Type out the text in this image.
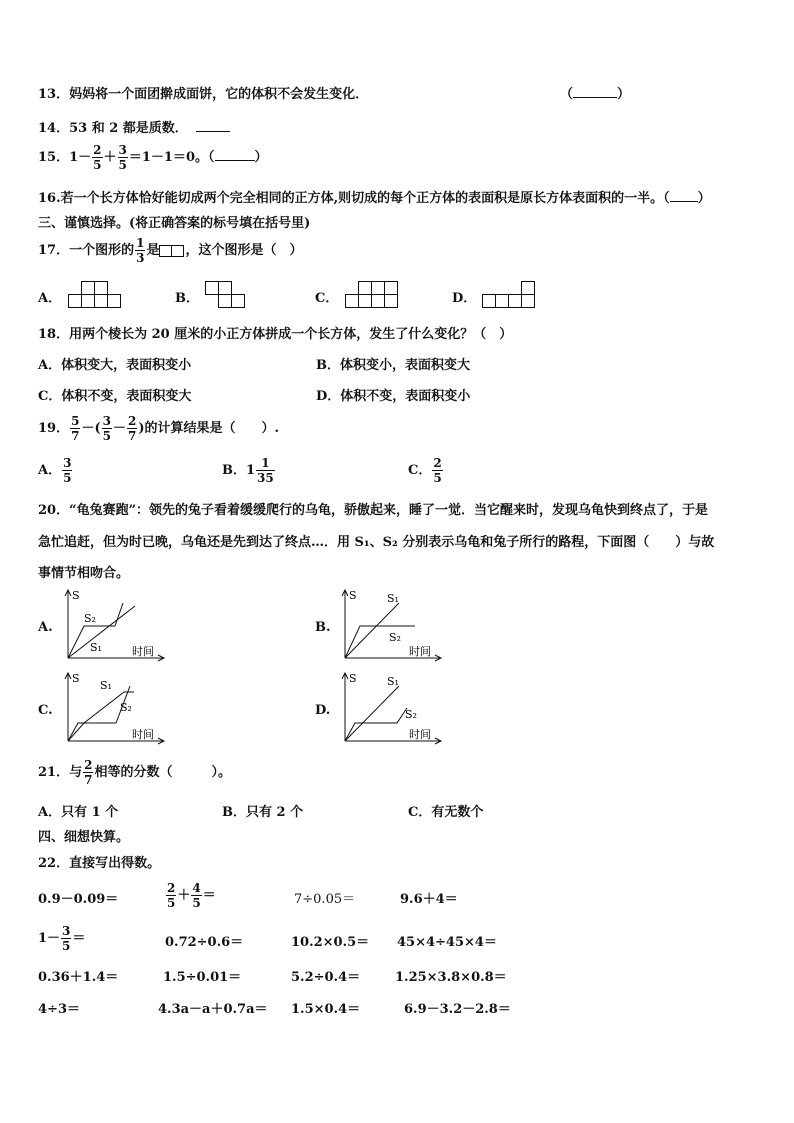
13．妈妈将一个面团擀成面饼，它的体积不会发生变化．	（	）
14．53 和 2 都是质数．
15．$1- \frac{2}{5} + \frac{3}{5} =1-1=0$。（	）
16.若一个长方体恰好能切成两个完全相同的正方体,则切成的每个正方体的表面积是原长方体表面积的一半。（ ）
三、谨慎选择。(将正确答案的标号填在括号里)
17．一个图形的 $\frac{1}{3}$ 是 ，这个图形是（　）
A．	B．	C．	D．
18．用两个棱长为 20 厘米的小正方体拼成一个长方体，发生了什么变化？（　）
A．体积变大，表面积变小	B．体积变小，表面积变大
C．体积不变，表面积变大	D．体积不变，表面积变小
19． $\frac{5}{7}$ －( $\frac{3}{5} - \frac{2}{7}$ )的计算结果是（　　）.
A． $\frac{3}{5}$	B．$1 \frac{1}{35}$	C． $\frac{2}{5}$
20．“龟兔赛跑”：领先的兔子看着缓缓爬行的乌龟，骄傲起来，睡了一觉．当它醒来时，发现乌龟快到终点了，于是
急忙追赶，但为时已晚，乌龟还是先到达了终点…．用 S₁、S₂ 分别表示乌龟和兔子所行的路程，下面图（　　）与故
事情节相吻合。
A.
S
S₂
S₁	时间
B.
S	S₁
S₂
时间
C.
S
S₁
S₂
时间
D.
S	S₁
S₂
时间
21．与 $\frac{2}{7}$ 相等的分数（　　　）。
A．只有 1 个	B．只有 2 个	C．有无数个
四、细想快算。
22．直接写出得数。
0.9－0.09＝	$\frac{2}{5} + \frac{4}{5}$ ＝	7÷0.05＝	9.6＋4＝
$1- \frac{3}{5}$ ＝	0.72÷0.6＝	10.2×0.5＝ 45×4÷45×4＝
0.36＋1.4＝	1.5÷0.01＝	5.2÷0.4＝	1.25×3.8×0.8＝
4÷3＝	4.3a－a＋0.7a＝ 1.5×0.4＝	6.9－3.2－2.8＝
